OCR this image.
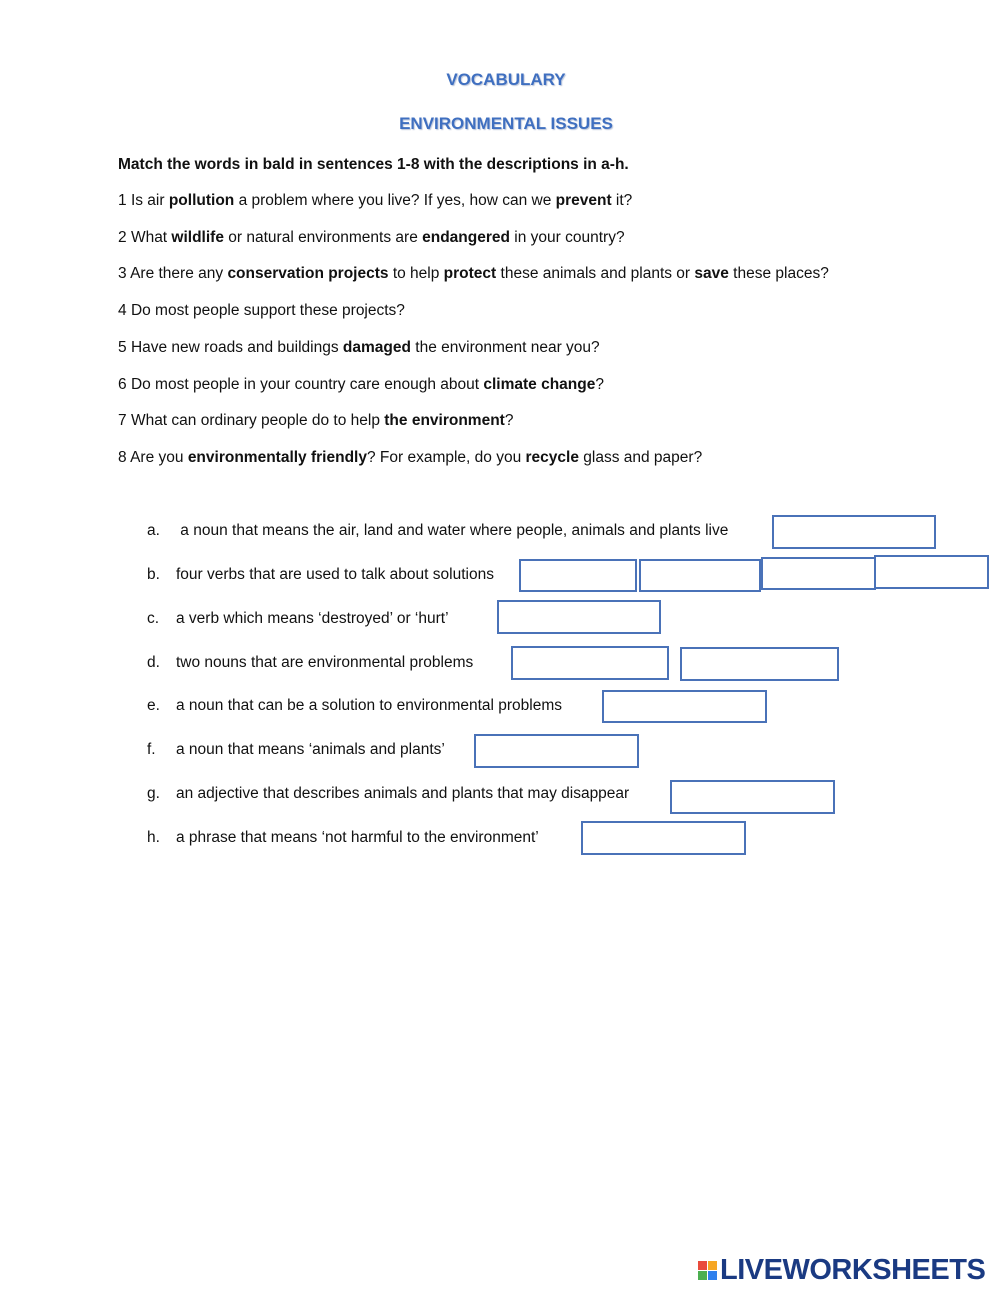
VOCABULARY
ENVIRONMENTAL ISSUES
Match the words in bald in sentences 1-8 with the descriptions in a-h.
1 Is air pollution a problem where you live? If yes, how can we prevent it?
2 What wildlife or natural environments are endangered in your country?
3 Are there any conservation projects to help protect these animals and plants or save these places?
4 Do most people support these projects?
5 Have new roads and buildings damaged the environment near you?
6 Do most people in your country care enough about climate change?
7 What can ordinary people do to help the environment?
8 Are you environmentally friendly? For example, do you recycle glass and paper?
a. a noun that means the air, land and water where people, animals and plants live
b. four verbs that are used to talk about solutions
c. a verb which means ‘destroyed’ or ‘hurt’
d. two nouns that are environmental problems
e. a noun that can be a solution to environmental problems
f. a noun that means ‘animals and plants’
g. an adjective that describes animals and plants that may disappear
h. a phrase that means ‘not harmful to the environment’
LIVEWORKSHEETS
